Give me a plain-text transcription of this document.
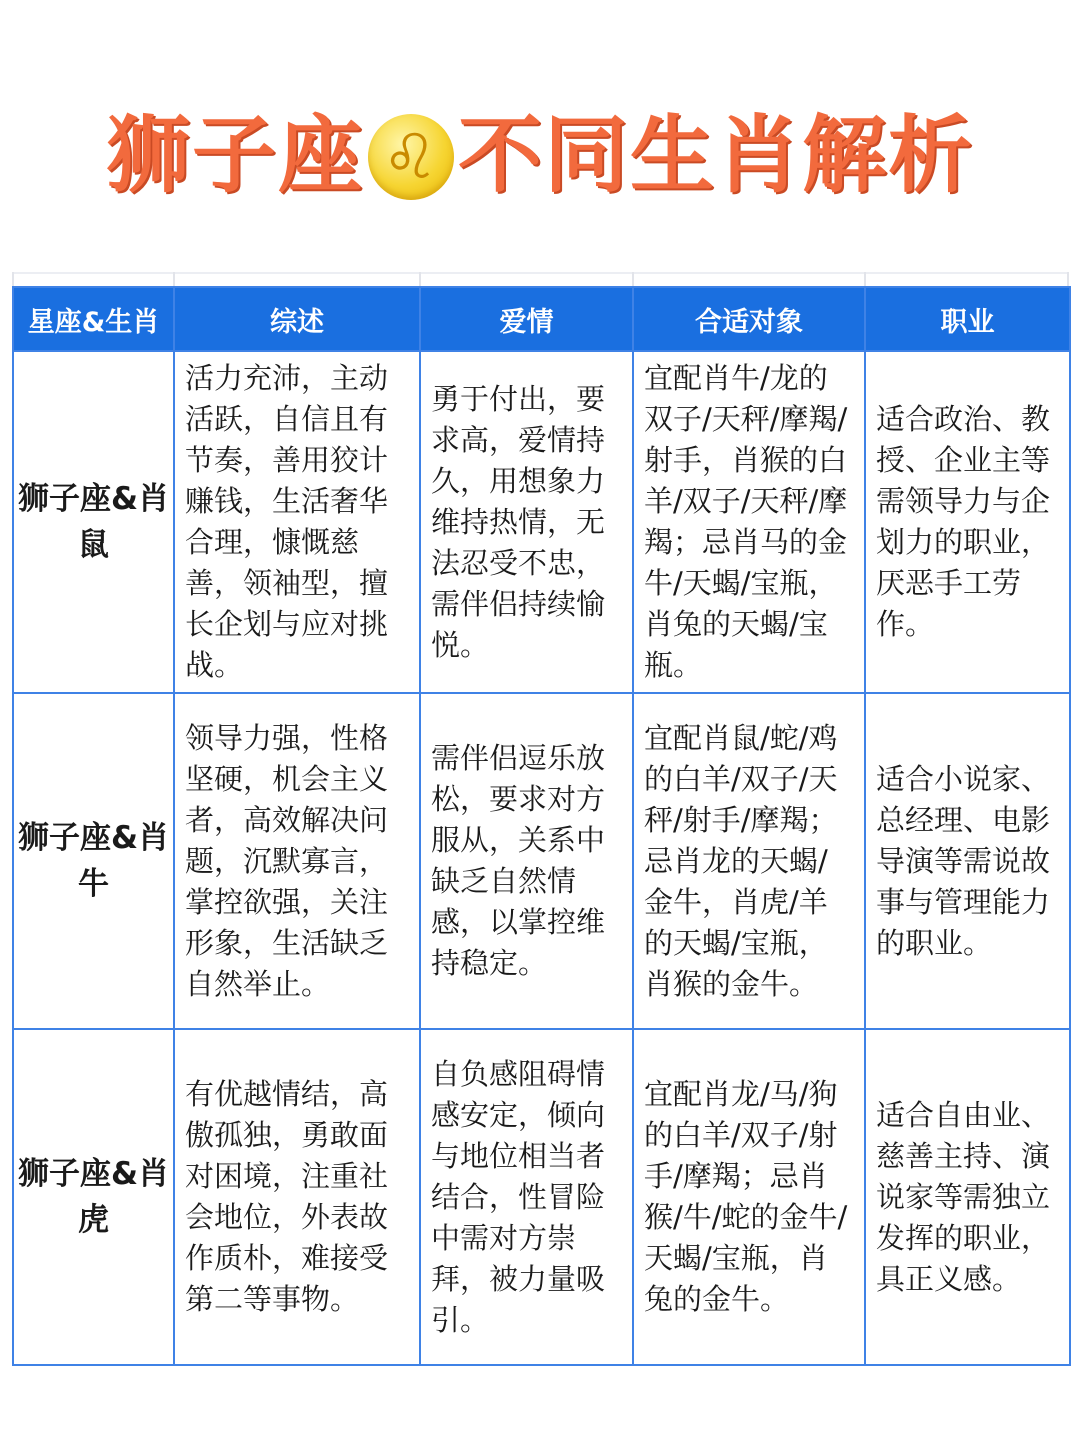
狮子座 ♌ 不同生肖解析
星座&生肖	综述	爱情	合适对象	职业
狮子座&肖鼠	活力充沛，主动活跃，自信且有节奏，善用狡计赚钱，生活奢华合理，慷慨慈善，领袖型，擅长企划与应对挑战。	勇于付出，要求高，爱情持久，用想象力维持热情，无法忍受不忠，需伴侣持续愉悦。	宜配肖牛/龙的双子/天秤/摩羯/射手，肖猴的白羊/双子/天秤/摩羯；忌肖马的金牛/天蝎/宝瓶，肖兔的天蝎/宝瓶。	适合政治、教授、企业主等需领导力与企划力的职业，厌恶手工劳作。
狮子座&肖牛	领导力强，性格坚硬，机会主义者，高效解决问题，沉默寡言，掌控欲强，关注形象，生活缺乏自然举止。	需伴侣逗乐放松，要求对方服从，关系中缺乏自然情感，以掌控维持稳定。	宜配肖鼠/蛇/鸡的白羊/双子/天秤/射手/摩羯；忌肖龙的天蝎/金牛，肖虎/羊的天蝎/宝瓶，肖猴的金牛。	适合小说家、总经理、电影导演等需说故事与管理能力的职业。
狮子座&肖虎	有优越情结，高傲孤独，勇敢面对困境，注重社会地位，外表故作质朴，难接受第二等事物。	自负感阻碍情感安定，倾向与地位相当者结合，性冒险中需对方崇拜，被力量吸引。	宜配肖龙/马/狗的白羊/双子/射手/摩羯；忌肖猴/牛/蛇的金牛/天蝎/宝瓶，肖兔的金牛。	适合自由业、慈善主持、演说家等需独立发挥的职业，具正义感。
